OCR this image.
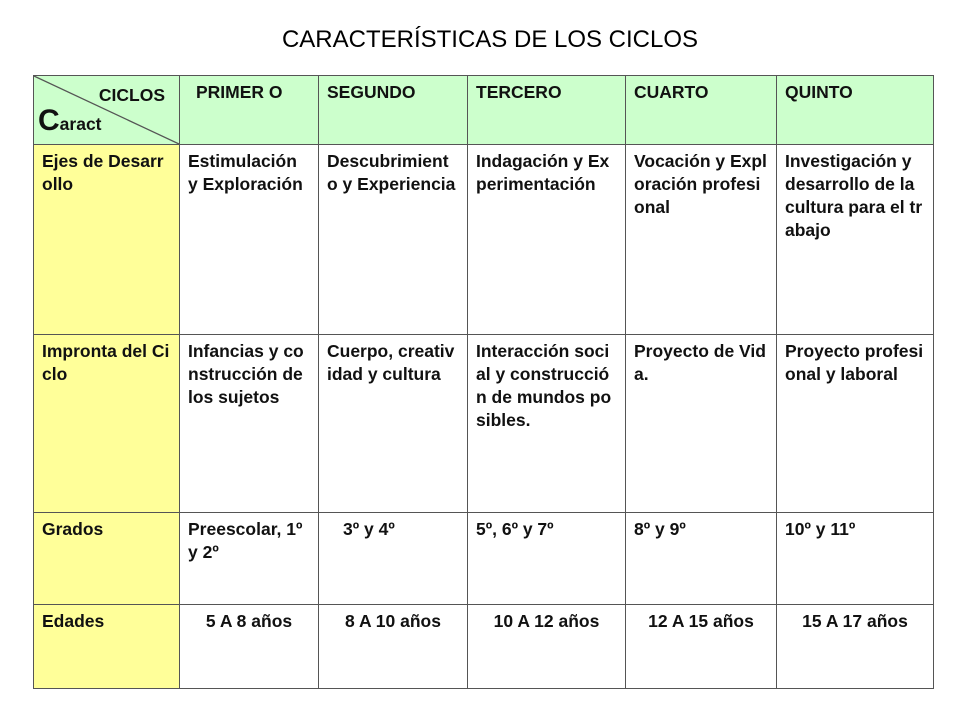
CARACTERÍSTICAS DE LOS CICLOS
CICLOS
Caract	PRIMER O	SEGUNDO	TERCERO	CUARTO	QUINTO
Ejes de Desarrollo	Estimulación y Exploración	Descubrimiento y Experiencia	Indagación y Experimentación	Vocación y Exploración profesional	Investigación y desarrollo de la cultura para el trabajo
Impronta del Ciclo	Infancias y construcción de los sujetos	Cuerpo, creatividad y cultura	Interacción social y construcción de mundos posibles.	Proyecto de Vida.	Proyecto profesional y laboral
Grados	Preescolar, 1º y 2º	3º y 4º	5º, 6º y 7º	8º y 9º	10º y 11º
Edades	5 A 8 años	8 A 10 años	10 A 12 años	12 A 15 años	15 A 17 años
